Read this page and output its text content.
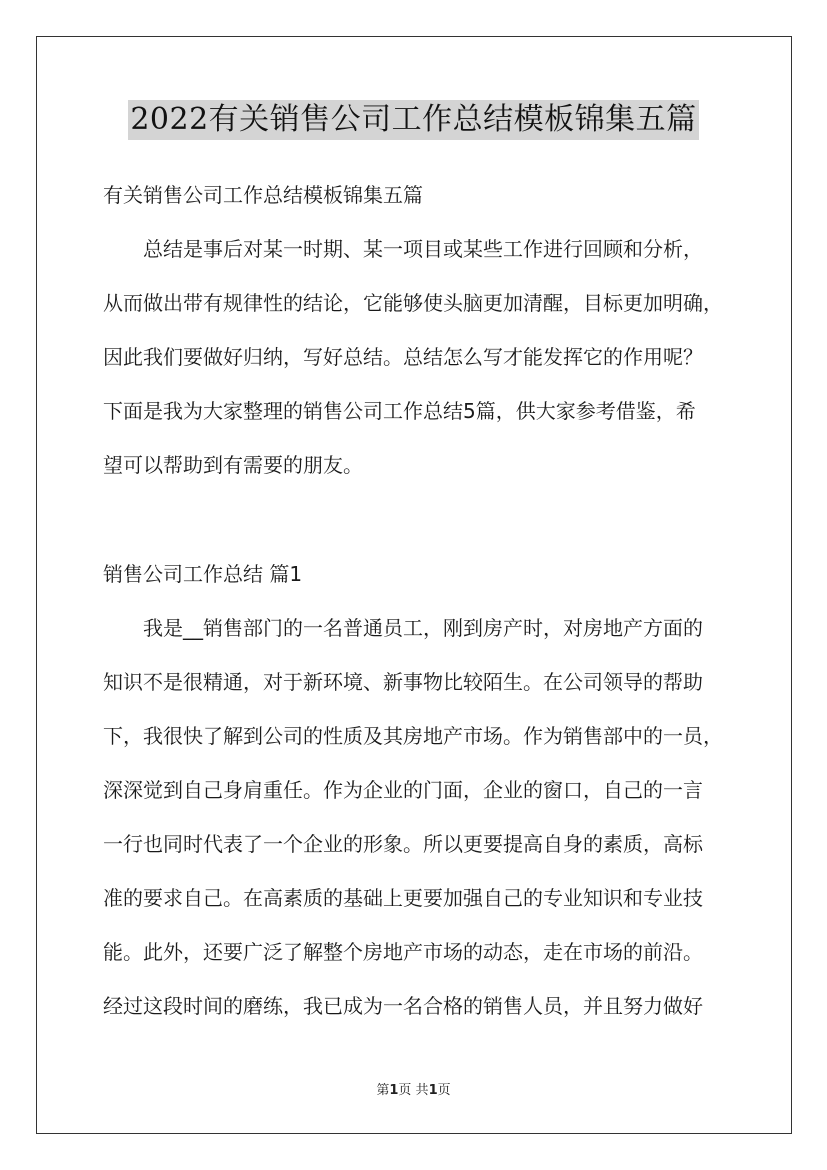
2022有关销售公司工作总结模板锦集五篇
有关销售公司工作总结模板锦集五篇
总结是事后对某一时期、某一项目或某些工作进行回顾和分析，
从而做出带有规律性的结论，它能够使头脑更加清醒，目标更加明确，
因此我们要做好归纳，写好总结。总结怎么写才能发挥它的作用呢？
下面是我为大家整理的销售公司工作总结5篇，供大家参考借鉴，希
望可以帮助到有需要的朋友。
销售公司工作总结 篇1
我是__销售部门的一名普通员工，刚到房产时，对房地产方面的
知识不是很精通，对于新环境、新事物比较陌生。在公司领导的帮助
下，我很快了解到公司的性质及其房地产市场。作为销售部中的一员，
深深觉到自己身肩重任。作为企业的门面，企业的窗口，自己的一言
一行也同时代表了一个企业的形象。所以更要提高自身的素质，高标
准的要求自己。在高素质的基础上更要加强自己的专业知识和专业技
能。此外，还要广泛了解整个房地产市场的动态，走在市场的前沿。
经过这段时间的磨练，我已成为一名合格的销售人员，并且努力做好
第1页 共1页
